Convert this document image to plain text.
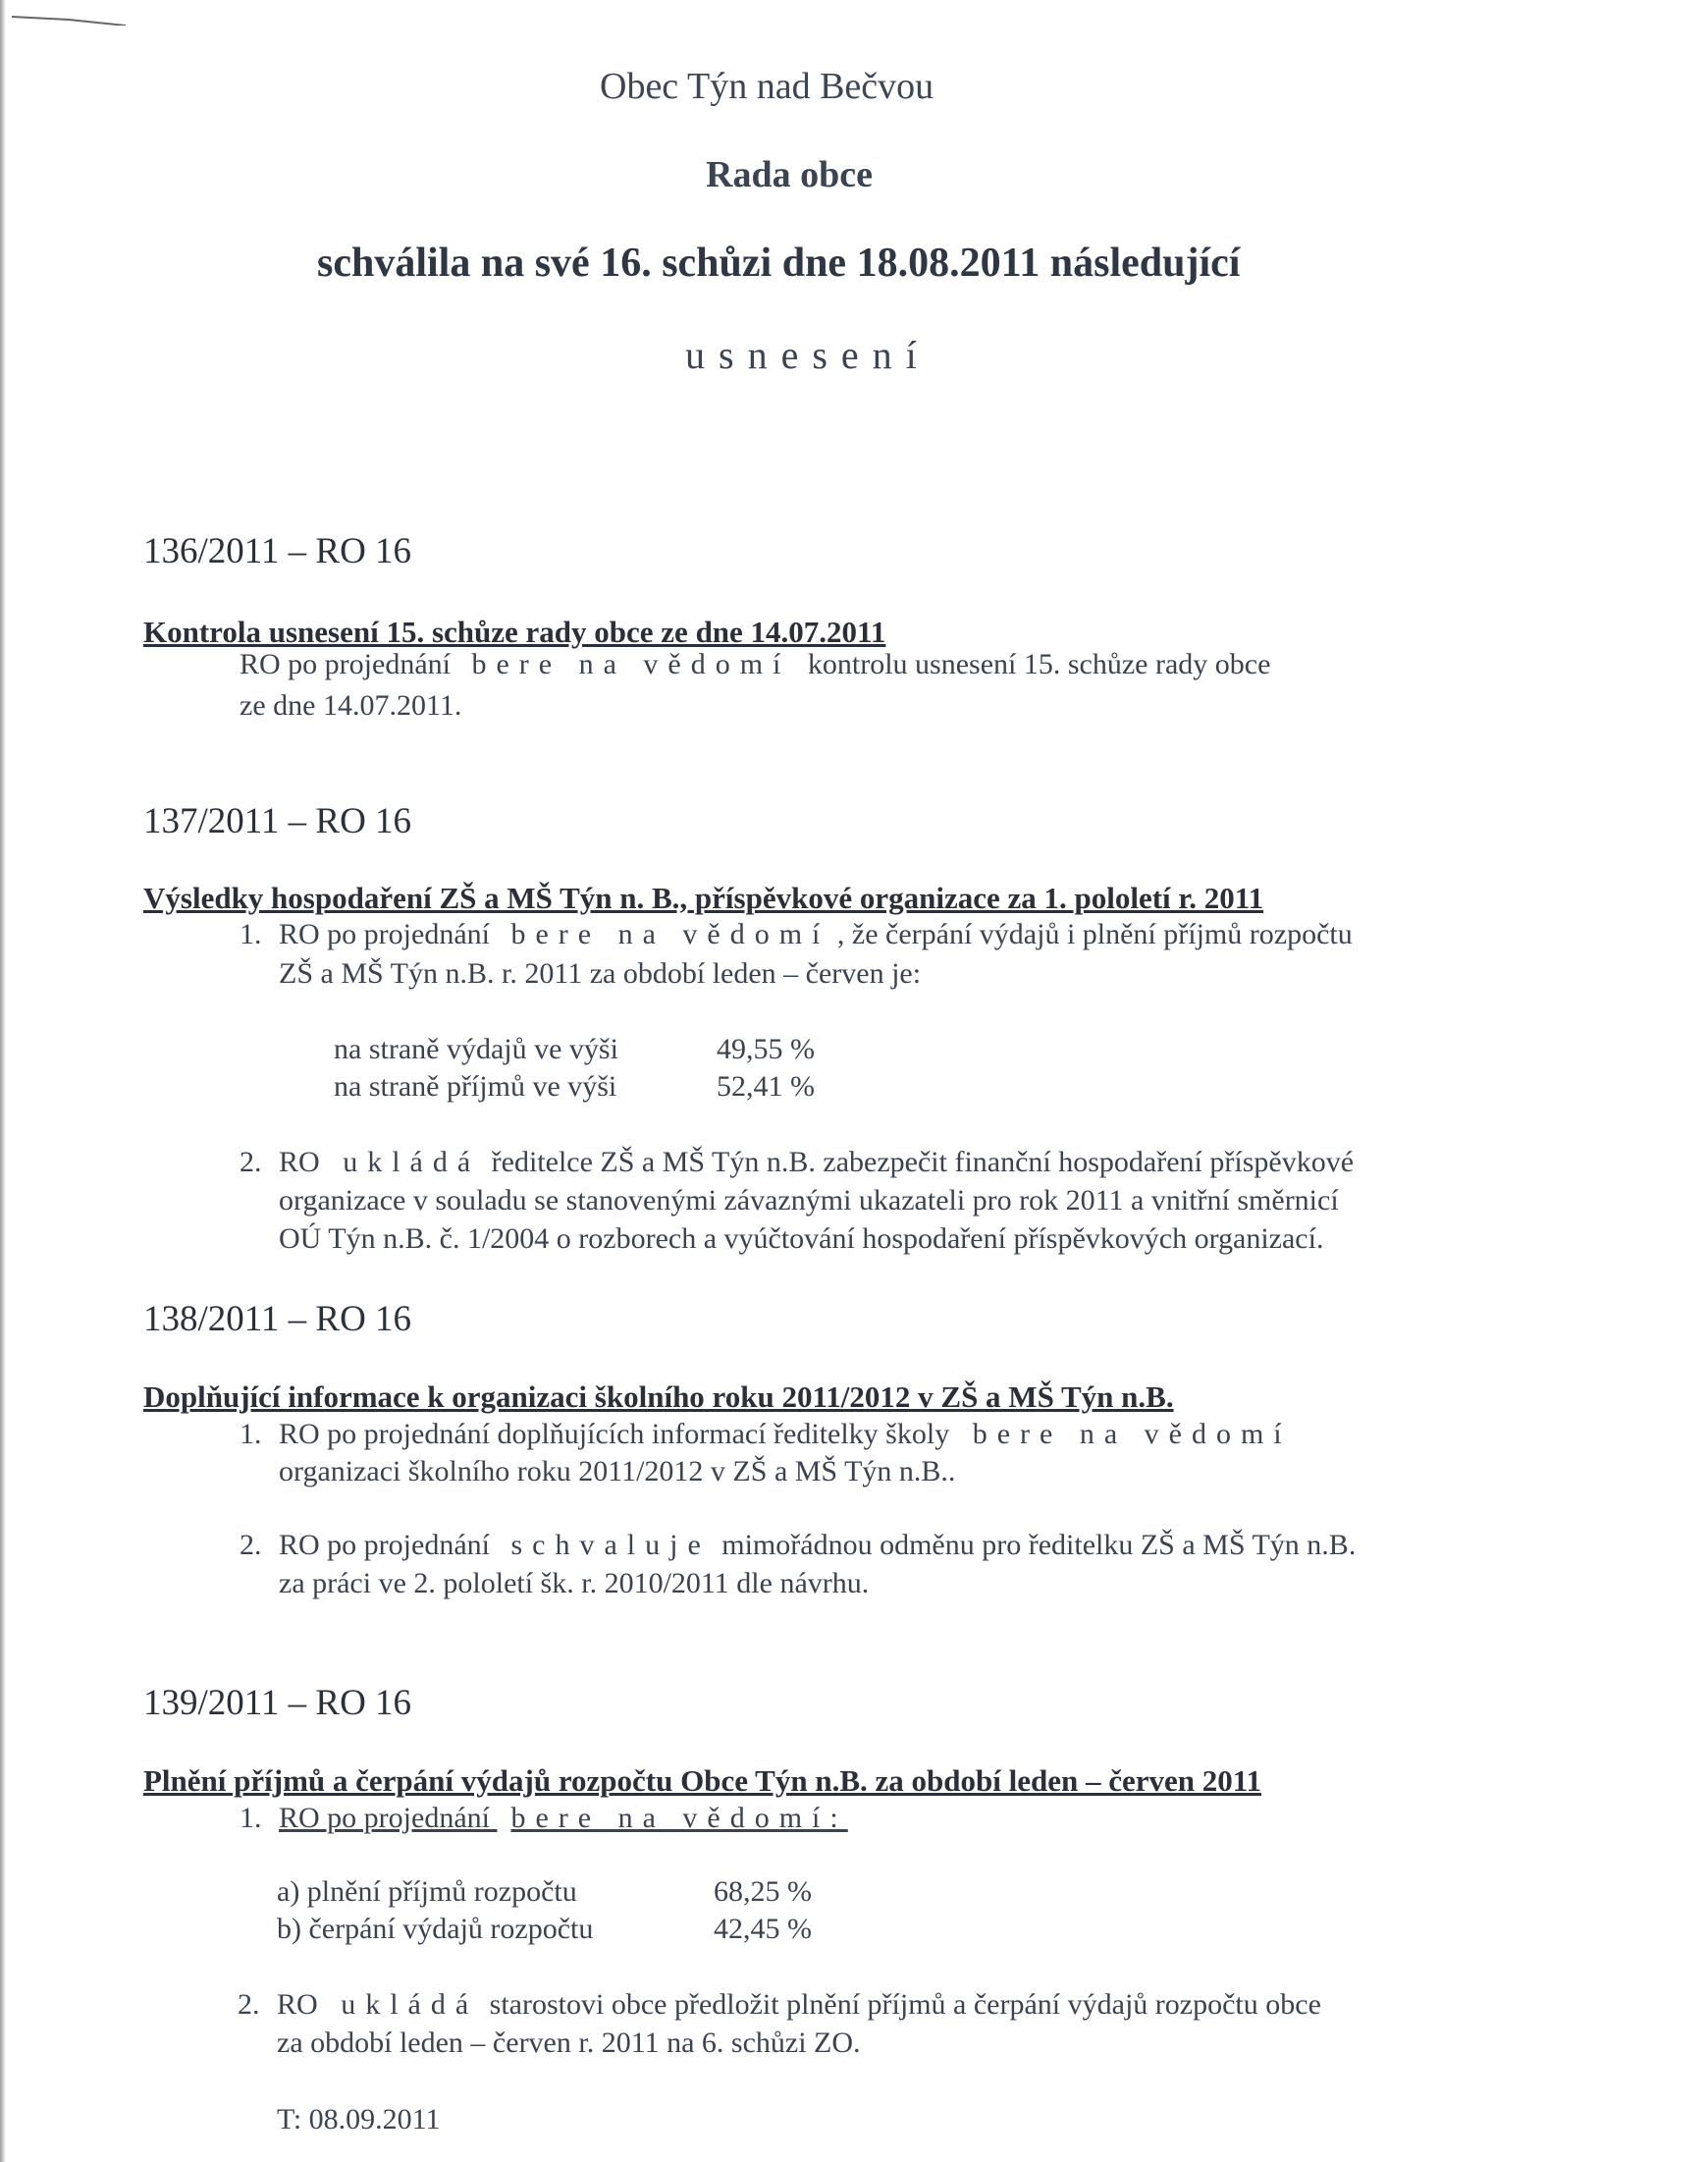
Obec Týn nad Bečvou
Rada obce
schválila na své 16. schůzi dne 18.08.2011 následující
usnesení
136/2011 – RO 16
Kontrola usnesení 15. schůze rady obce ze dne 14.07.2011
RO po projednání bere na vědomí kontrolu usnesení 15. schůze rady obce
ze dne 14.07.2011.
137/2011 – RO 16
Výsledky hospodaření ZŠ a MŠ Týn n. B., příspěvkové organizace za 1. pololetí r. 2011
1. RO po projednání bere na vědomí , že čerpání výdajů i plnění příjmů rozpočtu
ZŠ a MŠ Týn n.B. r. 2011 za období leden – červen je:
na straně výdajů ve výši	49,55 %
na straně příjmů ve výši	52,41 %
2. RO ukládá ředitelce ZŠ a MŠ Týn n.B. zabezpečit finanční hospodaření příspěvkové
organizace v souladu se stanovenými závaznými ukazateli pro rok 2011 a vnitřní směrnicí
OÚ Týn n.B. č. 1/2004 o rozborech a vyúčtování hospodaření příspěvkových organizací.
138/2011 – RO 16
Doplňující informace k organizaci školního roku 2011/2012 v ZŠ a MŠ Týn n.B.
1. RO po projednání doplňujících informací ředitelky školy bere na vědomí
organizaci školního roku 2011/2012 v ZŠ a MŠ Týn n.B..
2. RO po projednání schvaluje mimořádnou odměnu pro ředitelku ZŠ a MŠ Týn n.B.
za práci ve 2. pololetí šk. r. 2010/2011 dle návrhu.
139/2011 – RO 16
Plnění příjmů a čerpání výdajů rozpočtu Obce Týn n.B. za období leden – červen 2011
1. RO po projednání bere na vědomí:
a) plnění příjmů rozpočtu	68,25 %
b) čerpání výdajů rozpočtu	42,45 %
2. RO ukládá starostovi obce předložit plnění příjmů a čerpání výdajů rozpočtu obce
za období leden – červen r. 2011 na 6. schůzi ZO.
T: 08.09.2011
